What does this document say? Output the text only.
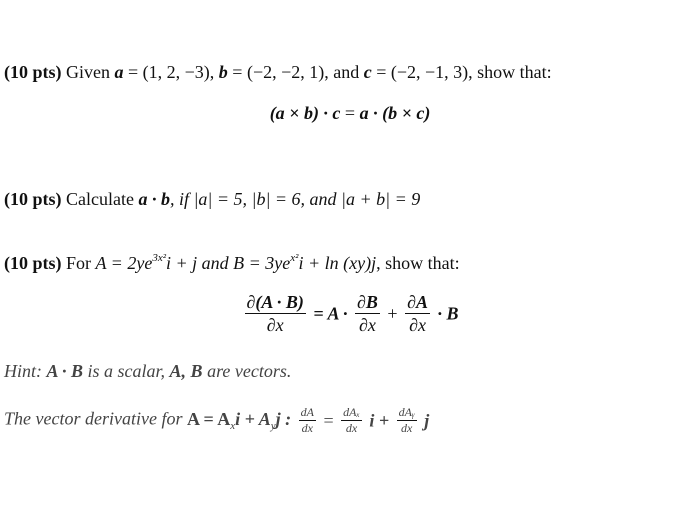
(10 pts) Given a = (1, 2, −3), b = (−2, −2, 1), and c = (−2, −1, 3), show that:
(a × b) · c = a · (b × c)
(10 pts) Calculate a · b, if |a| = 5, |b| = 6, and |a + b| = 9
(10 pts) For $A = 2ye^{3x^2}i + j$ and $B = 3ye^{x^2}i + \ln (xy)j$, show that:
$\frac{\partial(A \cdot B)}{\partial x} = A \cdot \frac{\partial B}{\partial x} + \frac{\partial A}{\partial x} \cdot B$
Hint: A · B is a scalar, A, B are vectors.
The vector derivative for $A = A_xi + A_yj$ : $\frac{dA}{dx} = \frac{\text{dAₓ}}{dx}$ $i + \frac{\text{dAᵧ}}{dx}$ j
